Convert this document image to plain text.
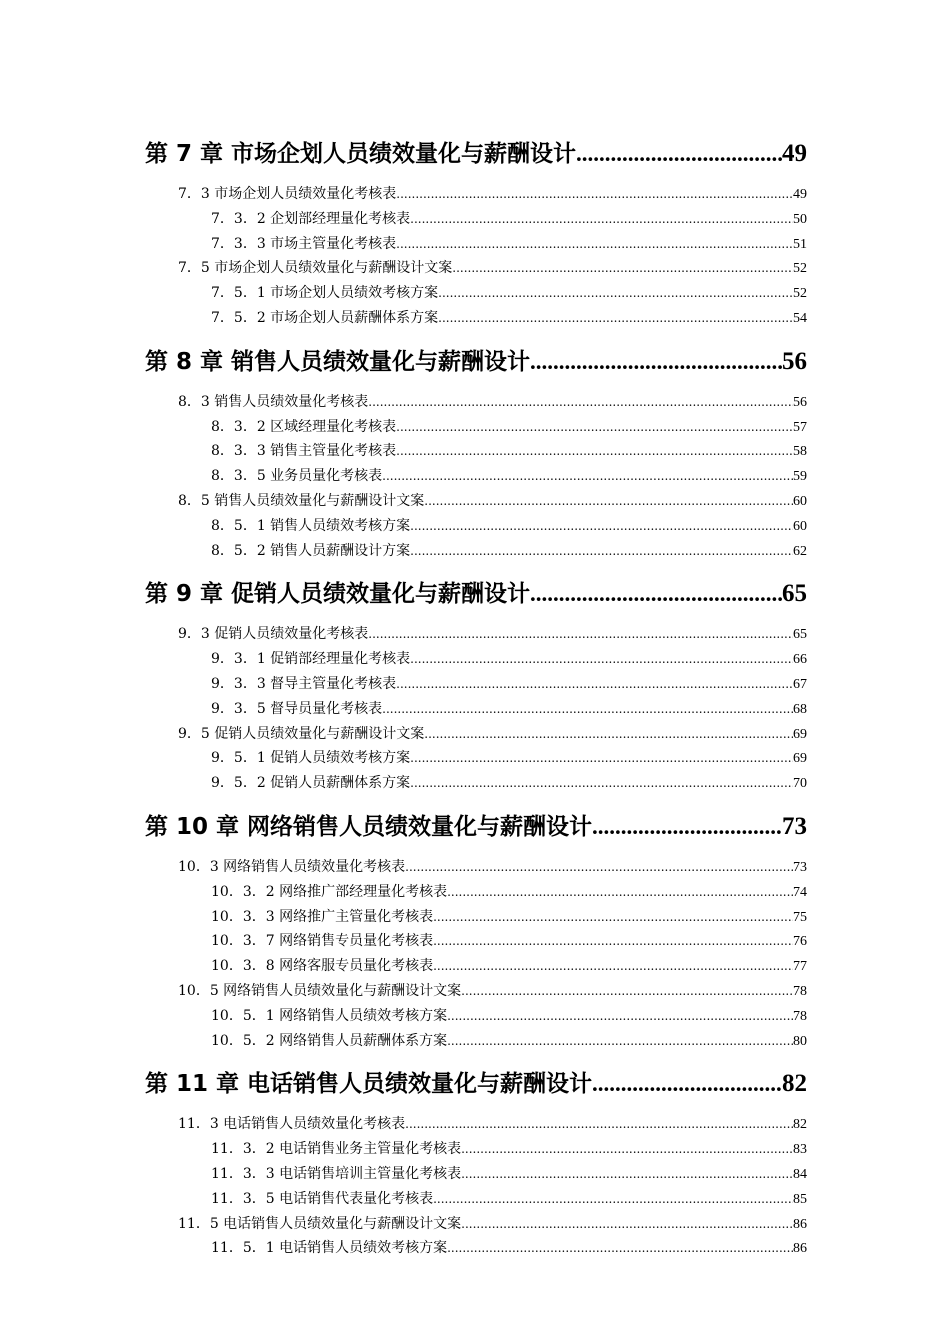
第 7 章 市场企划人员绩效量化与薪酬设计 .....	49
7．3 市场企划人员绩效量化考核表 .....	49
7．3．2 企划部经理量化考核表 .....	50
7．3．3 市场主管量化考核表 .....	51
7．5 市场企划人员绩效量化与薪酬设计文案 .....	52
7．5．1 市场企划人员绩效考核方案 .....	52
7．5．2 市场企划人员薪酬体系方案 .....	54
第 8 章 销售人员绩效量化与薪酬设计 .....	56
8．3 销售人员绩效量化考核表 .....	56
8．3．2 区域经理量化考核表 .....	57
8．3．3 销售主管量化考核表 .....	58
8．3．5 业务员量化考核表 .....	59
8．5 销售人员绩效量化与薪酬设计文案 .....	60
8．5．1 销售人员绩效考核方案 .....	60
8．5．2 销售人员薪酬设计方案 .....	62
第 9 章 促销人员绩效量化与薪酬设计 .....	65
9．3 促销人员绩效量化考核表 .....	65
9．3．1 促销部经理量化考核表 .....	66
9．3．3 督导主管量化考核表 .....	67
9．3．5 督导员量化考核表 .....	68
9．5 促销人员绩效量化与薪酬设计文案 .....	69
9．5．1 促销人员绩效考核方案 .....	69
9．5．2 促销人员薪酬体系方案 .....	70
第 10 章 网络销售人员绩效量化与薪酬设计 .....	73
10．3 网络销售人员绩效量化考核表 .....	73
10．3．2 网络推广部经理量化考核表 .....	74
10．3．3 网络推广主管量化考核表 .....	75
10．3．7 网络销售专员量化考核表 .....	76
10．3．8 网络客服专员量化考核表 .....	77
10．5 网络销售人员绩效量化与薪酬设计文案 .....	78
10．5．1 网络销售人员绩效考核方案 .....	78
10．5．2 网络销售人员薪酬体系方案 .....	80
第 11 章 电话销售人员绩效量化与薪酬设计 .....	82
11．3 电话销售人员绩效量化考核表 .....	82
11．3．2 电话销售业务主管量化考核表 .....	83
11．3．3 电话销售培训主管量化考核表 .....	84
11．3．5 电话销售代表量化考核表 .....	85
11．5 电话销售人员绩效量化与薪酬设计文案 .....	86
11．5．1 电话销售人员绩效考核方案 .....	86
